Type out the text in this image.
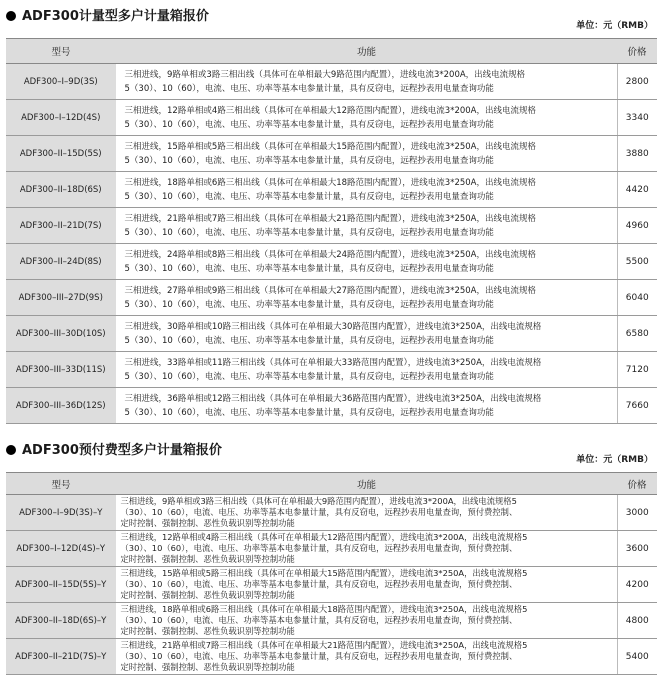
ADF300计量型多户计量箱报价
单位：元（RMB）
型号	功能	价格
ADF300–I–9D(3S)	三相进线，9路单相或3路三相出线（具体可在单相最大9路范围内配置），进线电流3*200A，出线电流规格
5（30）、10（60），电流、电压、功率等基本电参量计量，具有反窃电，远程抄表用电量查询功能	2800
ADF300–I–12D(4S)	三相进线，12路单相或4路三相出线（具体可在单相最大12路范围内配置），进线电流3*200A，出线电流规格
5（30）、10（60），电流、电压、功率等基本电参量计量，具有反窃电，远程抄表用电量查询功能	3340
ADF300–II–15D(5S)	三相进线，15路单相或5路三相出线（具体可在单相最大15路范围内配置），进线电流3*250A，出线电流规格
5（30）、10（60），电流、电压、功率等基本电参量计量，具有反窃电，远程抄表用电量查询功能	3880
ADF300–II–18D(6S)	三相进线，18路单相或6路三相出线（具体可在单相最大18路范围内配置），进线电流3*250A，出线电流规格
5（30）、10（60），电流、电压、功率等基本电参量计量，具有反窃电，远程抄表用电量查询功能	4420
ADF300–II–21D(7S)	三相进线，21路单相或7路三相出线（具体可在单相最大21路范围内配置），进线电流3*250A，出线电流规格
5（30）、10（60），电流、电压、功率等基本电参量计量，具有反窃电，远程抄表用电量查询功能	4960
ADF300–II–24D(8S)	三相进线，24路单相或8路三相出线（具体可在单相最大24路范围内配置），进线电流3*250A，出线电流规格
5（30）、10（60），电流、电压、功率等基本电参量计量，具有反窃电，远程抄表用电量查询功能	5500
ADF300–III–27D(9S)	三相进线，27路单相或9路三相出线（具体可在单相最大27路范围内配置），进线电流3*250A，出线电流规格
5（30）、10（60），电流、电压、功率等基本电参量计量，具有反窃电，远程抄表用电量查询功能	6040
ADF300–III–30D(10S)	三相进线，30路单相或10路三相出线（具体可在单相最大30路范围内配置），进线电流3*250A，出线电流规格
5（30）、10（60），电流、电压、功率等基本电参量计量，具有反窃电，远程抄表用电量查询功能	6580
ADF300–III–33D(11S)	三相进线，33路单相或11路三相出线（具体可在单相最大33路范围内配置），进线电流3*250A，出线电流规格
5（30）、10（60），电流、电压、功率等基本电参量计量，具有反窃电，远程抄表用电量查询功能	7120
ADF300–III–36D(12S)	三相进线，36路单相或12路三相出线（具体可在单相最大36路范围内配置），进线电流3*250A，出线电流规格
5（30）、10（60），电流、电压、功率等基本电参量计量，具有反窃电，远程抄表用电量查询功能	7660
ADF300预付费型多户计量箱报价
单位：元（RMB）
型号	功能	价格
ADF300–I–9D(3S)–Y	三相进线，9路单相或3路三相出线（具体可在单相最大9路范围内配置），进线电流3*200A，出线电流规格5
（30）、10（60），电流、电压、功率等基本电参量计量，具有反窃电，远程抄表用电量查询，预付费控制、
定时控制、强制控制、恶性负载识别等控制功能	3000
ADF300–I–12D(4S)–Y	三相进线，12路单相或4路三相出线（具体可在单相最大12路范围内配置），进线电流3*200A，出线电流规格5
（30）、10（60），电流、电压、功率等基本电参量计量，具有反窃电，远程抄表用电量查询，预付费控制、
定时控制、强制控制、恶性负载识别等控制功能	3600
ADF300–II–15D(5S)–Y	三相进线，15路单相或5路三相出线（具体可在单相最大15路范围内配置），进线电流3*250A，出线电流规格5
（30）、10（60），电流、电压、功率等基本电参量计量，具有反窃电，远程抄表用电量查询，预付费控制、
定时控制、强制控制、恶性负载识别等控制功能	4200
ADF300–II–18D(6S)–Y	三相进线，18路单相或6路三相出线（具体可在单相最大18路范围内配置），进线电流3*250A，出线电流规格5
（30）、10（60），电流、电压、功率等基本电参量计量，具有反窃电，远程抄表用电量查询，预付费控制、
定时控制、强制控制、恶性负载识别等控制功能	4800
ADF300–II–21D(7S)–Y	三相进线，21路单相或7路三相出线（具体可在单相最大21路范围内配置），进线电流3*250A，出线电流规格5
（30）、10（60），电流、电压、功率等基本电参量计量，具有反窃电，远程抄表用电量查询，预付费控制、
定时控制、强制控制、恶性负载识别等控制功能	5400
